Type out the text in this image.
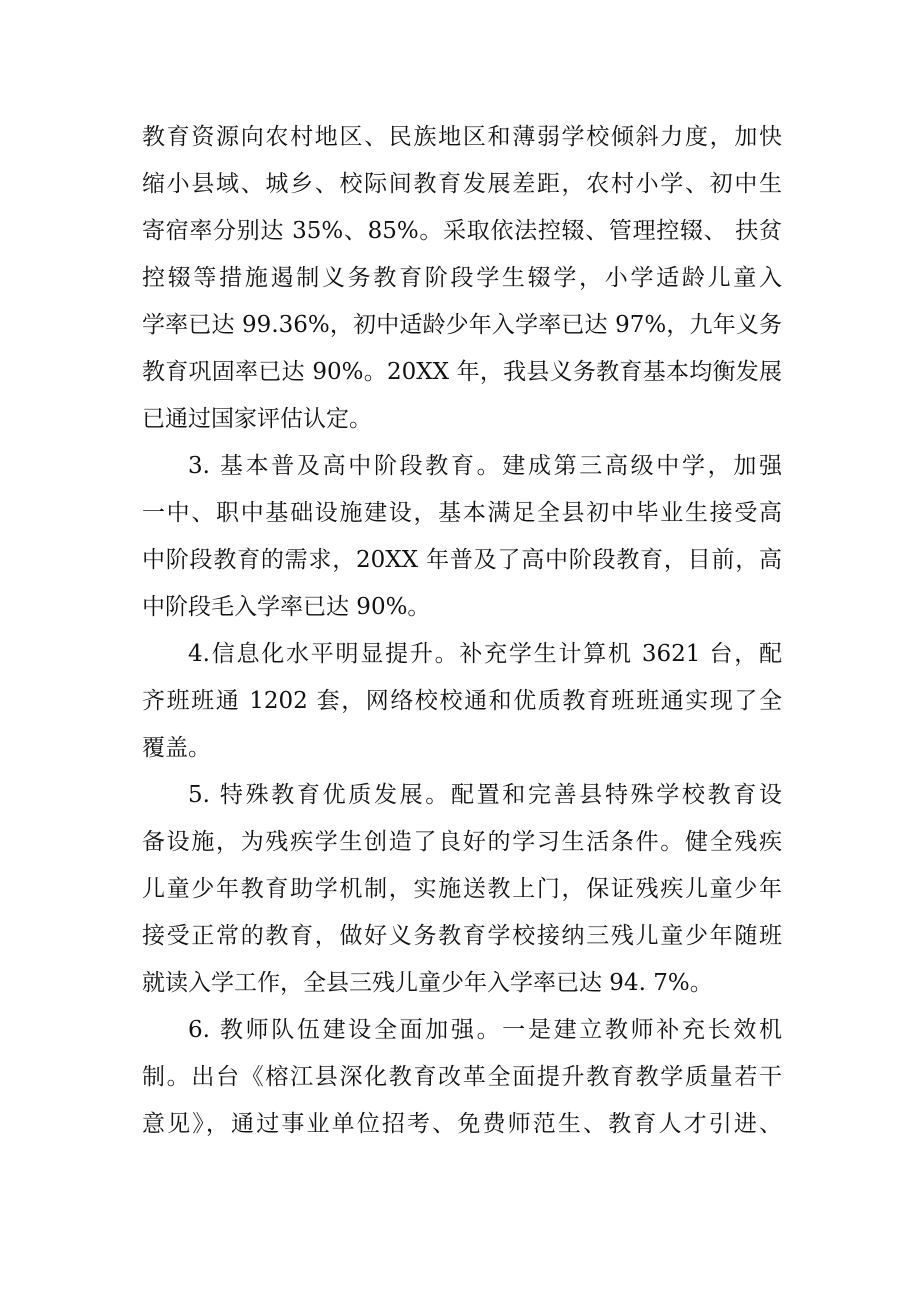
教育资源向农村地区、民族地区和薄弱学校倾斜力度，加快
缩小县域、城乡、校际间教育发展差距，农村小学、初中生
寄宿率分别达 35%、85%。采取依法控辍、管理控辍、 扶贫
控辍等措施遏制义务教育阶段学生辍学，小学适龄儿童入
学率已达 99.36%，初中适龄少年入学率已达 97%，九年义务
教育巩固率已达 90%。20XX 年，我县义务教育基本均衡发展
已通过国家评估认定。
3. 基本普及高中阶段教育。建成第三高级中学，加强
一中、职中基础设施建设，基本满足全县初中毕业生接受高
中阶段教育的需求，20XX 年普及了高中阶段教育，目前，高
中阶段毛入学率已达 90%。
4.信息化水平明显提升。补充学生计算机 3621 台，配
齐班班通 1202 套，网络校校通和优质教育班班通实现了全
覆盖。
5. 特殊教育优质发展。配置和完善县特殊学校教育设
备设施，为残疾学生创造了良好的学习生活条件。健全残疾
儿童少年教育助学机制，实施送教上门，保证残疾儿童少年
接受正常的教育，做好义务教育学校接纳三残儿童少年随班
就读入学工作，全县三残儿童少年入学率已达 94. 7%。
6. 教师队伍建设全面加强。一是建立教师补充长效机
制。出台《榕江县深化教育改革全面提升教育教学质量若干
意见》，通过事业单位招考、免费师范生、教育人才引进、
